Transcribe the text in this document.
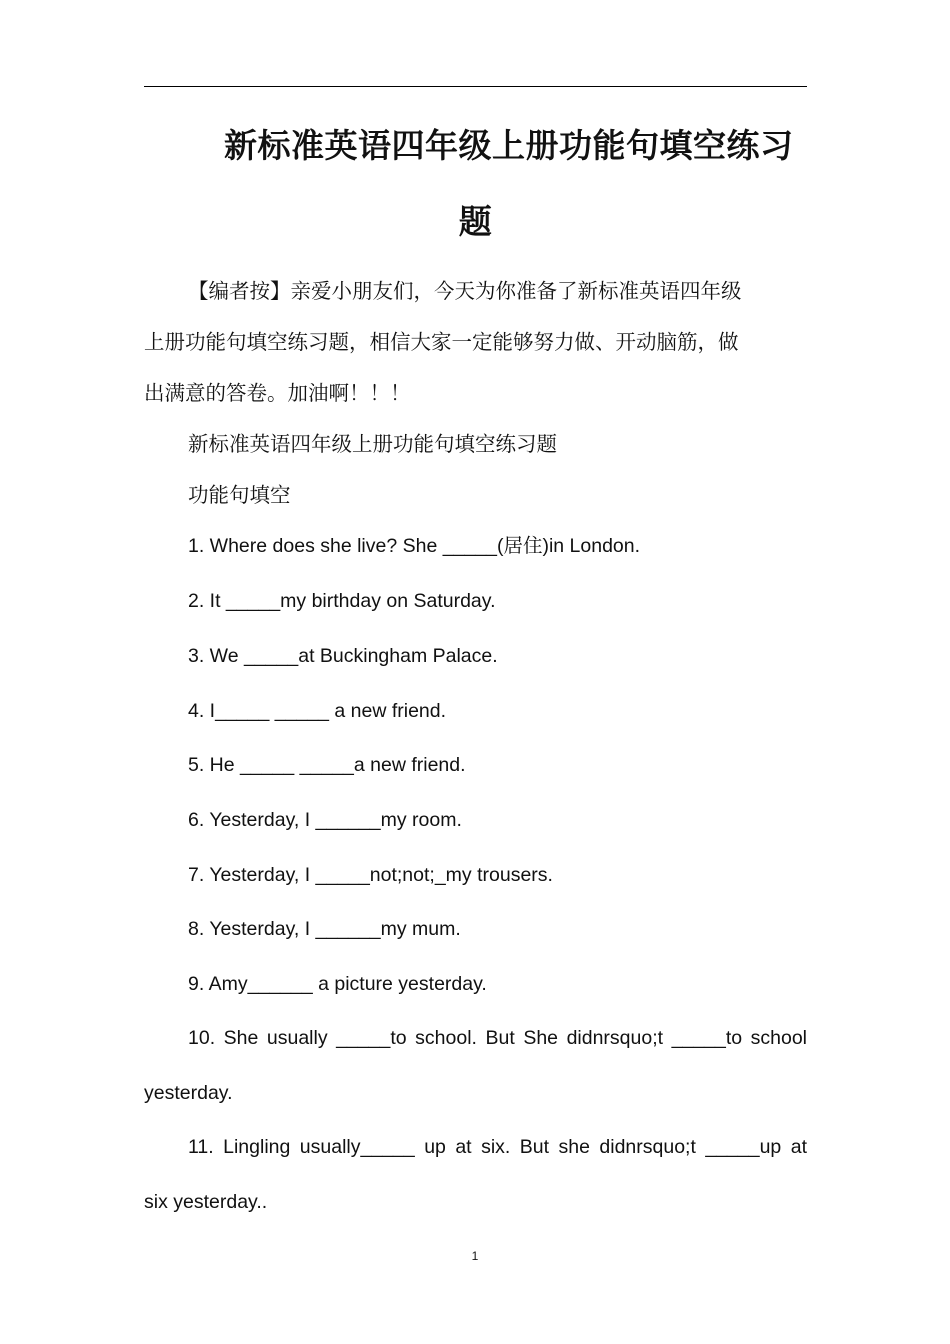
新标准英语四年级上册功能句填空练习
题

【编者按】亲爱小朋友们，今天为你准备了新标准英语四年级

上册功能句填空练习题，相信大家一定能够努力做、开动脑筋，做

出满意的答卷。加油啊！！！

新标准英语四年级上册功能句填空练习题

功能句填空

1. Where does she live? She _____(居住)in London.

2. It _____my birthday on Saturday.

3. We _____at Buckingham Palace.

4. I_____ _____ a new friend.

5. He _____ _____a new friend.

6. Yesterday, I ______my room.

7. Yesterday, I _____not;not;_my trousers.

8. Yesterday, I ______my mum.

9. Amy______ a picture yesterday.

10. She usually _____to school. But She didnrsquo;t _____to school

yesterday.

11. Lingling usually_____ up at six. But she didnrsquo;t _____up at

six yesterday..

1
